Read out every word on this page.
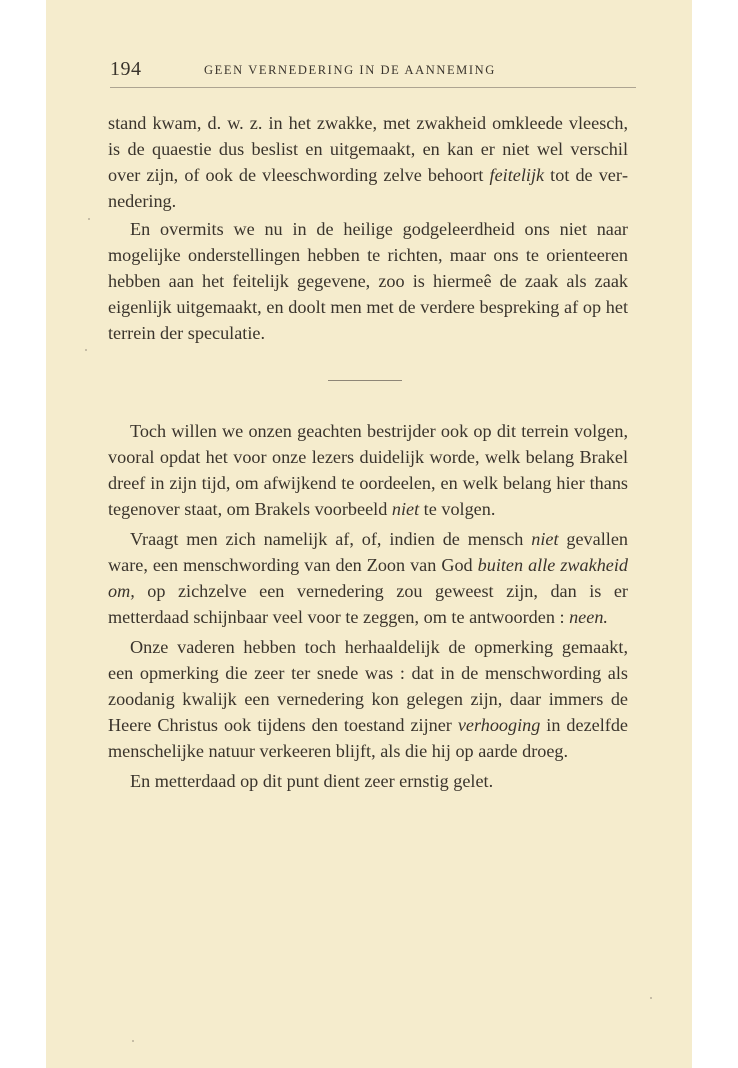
194	GEEN VERNEDERING IN DE AANNEMING

stand kwam, d. w. z. in het zwakke, met zwakheid omkleede vleesch, is de quaestie dus beslist en uitgemaakt, en kan er niet wel verschil over zijn, of ook de vleeschwording zelve behoort feitelijk tot de vernedering.

En overmits we nu in de heilige godgeleerdheid ons niet naar mogelijke onderstellingen hebben te richten, maar ons te orienteeren hebben aan het feitelijk gegevene, zoo is hiermeê de zaak als zaak eigenlijk uitgemaakt, en doolt men met de verdere bespreking af op het terrein der speculatie.

Toch willen we onzen geachten bestrijder ook op dit terrein volgen, vooral opdat het voor onze lezers duidelijk worde, welk belang Brakel dreef in zijn tijd, om afwijkend te oordeelen, en welk belang hier thans tegenover staat, om Brakels voorbeeld niet te volgen.

Vraagt men zich namelijk af, of, indien de mensch niet gevallen ware, een menschwording van den Zoon van God buiten alle zwakheid om, op zichzelve een vernedering zou geweest zijn, dan is er metterdaad schijnbaar veel voor te zeggen, om te antwoorden : neen.

Onze vaderen hebben toch herhaaldelijk de opmerking gemaakt, een opmerking die zeer ter snede was : dat in de menschwording als zoodanig kwalijk een vernedering kon gelegen zijn, daar immers de Heere Christus ook tijdens den toestand zijner verhooging in dezelfde menschelijke natuur verkeeren blijft, als die hij op aarde droeg.

En metterdaad op dit punt dient zeer ernstig gelet.
